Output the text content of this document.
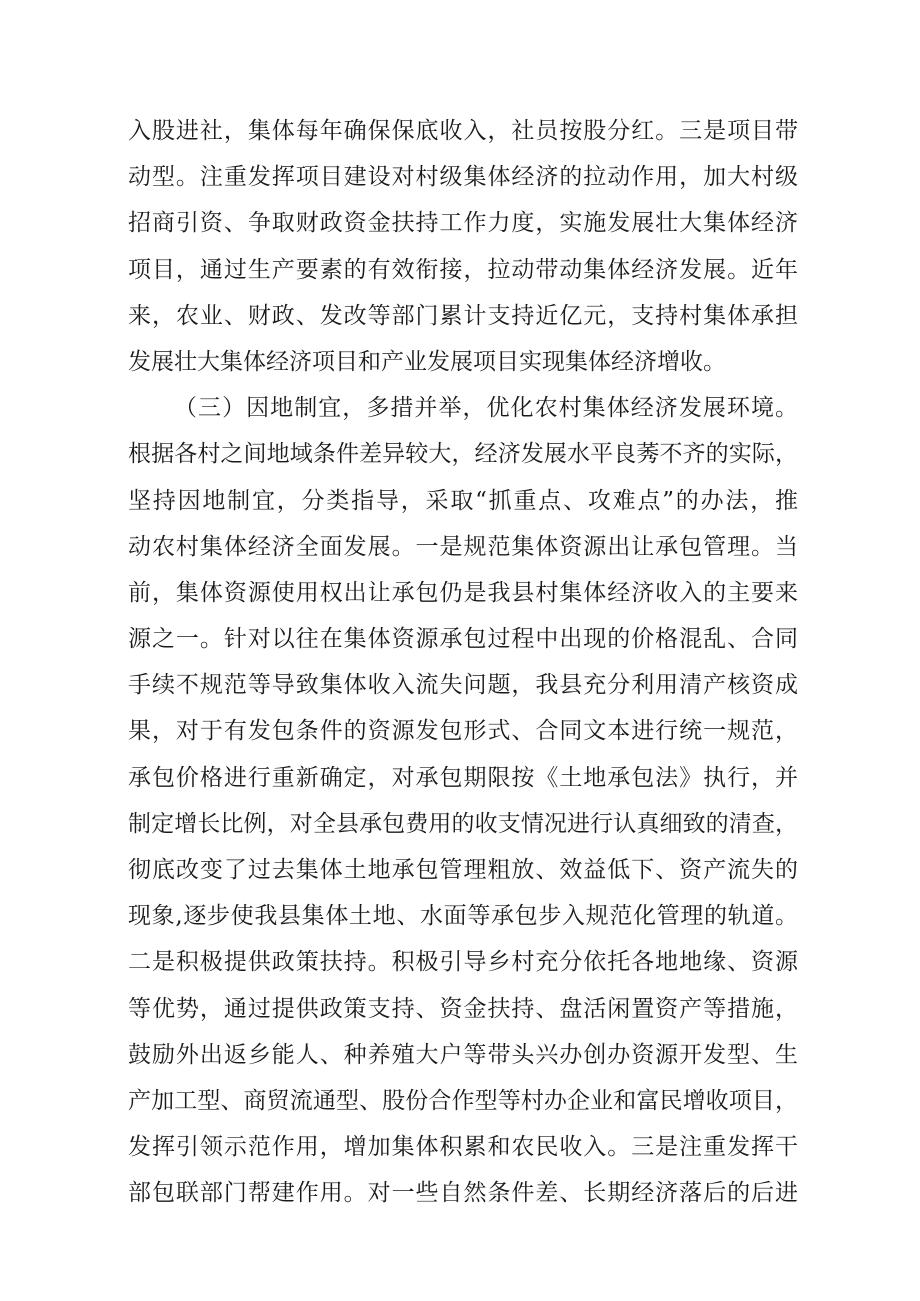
入股进社，集体每年确保保底收入，社员按股分红。三是项目带
动型。注重发挥项目建设对村级集体经济的拉动作用，加大村级
招商引资、争取财政资金扶持工作力度，实施发展壮大集体经济
项目，通过生产要素的有效衔接，拉动带动集体经济发展。近年
来，农业、财政、发改等部门累计支持近亿元，支持村集体承担
发展壮大集体经济项目和产业发展项目实现集体经济增收。
（三）因地制宜，多措并举，优化农村集体经济发展环境。
根据各村之间地域条件差异较大，经济发展水平良莠不齐的实际，
坚持因地制宜，分类指导，采取“抓重点、攻难点”的办法，推
动农村集体经济全面发展。一是规范集体资源出让承包管理。当
前，集体资源使用权出让承包仍是我县村集体经济收入的主要来
源之一。针对以往在集体资源承包过程中出现的价格混乱、合同
手续不规范等导致集体收入流失问题，我县充分利用清产核资成
果，对于有发包条件的资源发包形式、合同文本进行统一规范，
承包价格进行重新确定，对承包期限按《土地承包法》执行，并
制定增长比例，对全县承包费用的收支情况进行认真细致的清查，
彻底改变了过去集体土地承包管理粗放、效益低下、资产流失的
现象,逐步使我县集体土地、水面等承包步入规范化管理的轨道。
二是积极提供政策扶持。积极引导乡村充分依托各地地缘、资源
等优势，通过提供政策支持、资金扶持、盘活闲置资产等措施，
鼓励外出返乡能人、种养殖大户等带头兴办创办资源开发型、生
产加工型、商贸流通型、股份合作型等村办企业和富民增收项目，
发挥引领示范作用，增加集体积累和农民收入。三是注重发挥干
部包联部门帮建作用。对一些自然条件差、长期经济落后的后进
